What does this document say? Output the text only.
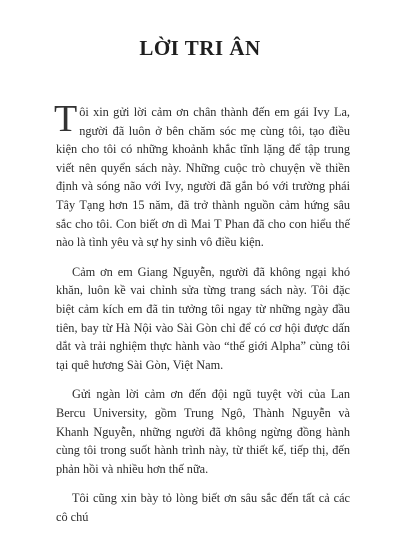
LỜI TRI ÂN

Tôi xin gửi lời cảm ơn chân thành đến em gái Ivy La, người đã luôn ở bên chăm sóc mẹ cùng tôi, tạo điều kiện cho tôi có những khoảnh khắc tĩnh lặng để tập trung viết nên quyển sách này. Những cuộc trò chuyện về thiền định và sóng não với Ivy, người đã gắn bó với trường phái Tây Tạng hơn 15 năm, đã trở thành nguồn cảm hứng sâu sắc cho tôi. Con biết ơn dì Mai T Phan đã cho con hiểu thế nào là tình yêu và sự hy sinh vô điều kiện.

Cảm ơn em Giang Nguyễn, người đã không ngại khó khăn, luôn kề vai chỉnh sửa từng trang sách này. Tôi đặc biệt cảm kích em đã tin tưởng tôi ngay từ những ngày đầu tiên, bay từ Hà Nội vào Sài Gòn chỉ để có cơ hội được dấn dắt và trải nghiệm thực hành vào “thế giới Alpha” cùng tôi tại quê hương Sài Gòn, Việt Nam.

Gửi ngàn lời cảm ơn đến đội ngũ tuyệt vời của Lan Bercu University, gồm Trung Ngô, Thành Nguyễn và Khanh Nguyễn, những người đã không ngừng đồng hành cùng tôi trong suốt hành trình này, từ thiết kế, tiếp thị, đến phản hồi và nhiều hơn thế nữa.

Tôi cũng xin bày tỏ lòng biết ơn sâu sắc đến tất cả các cô chú
